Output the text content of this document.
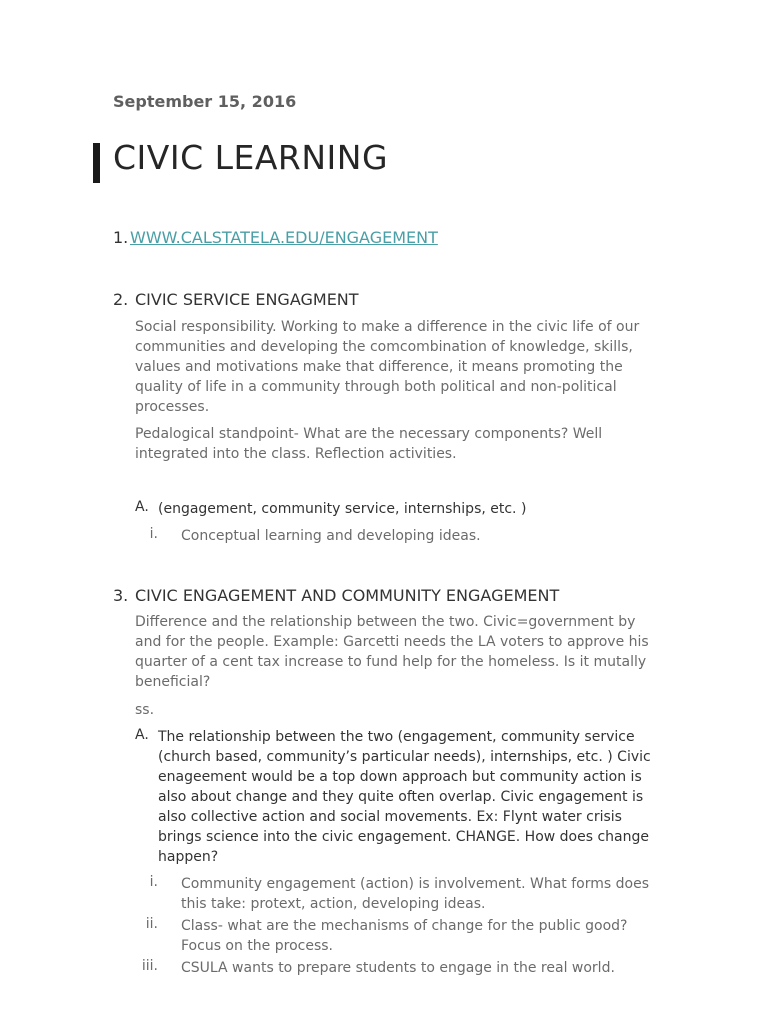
September 15, 2016
CIVIC LEARNING
1. WWW.CALSTATELA.EDU/ENGAGEMENT
2. CIVIC SERVICE ENGAGMENT

Social responsibility. Working to make a difference in the civic life of our communities and developing the comcombination of knowledge, skills, values and motivations make that difference, it means promoting the quality of life in a community through both political and non-political processes.

Pedalogical standpoint- What are the necessary components? Well integrated into the class. Reflection activities.

A. (engagement, community service, internships, etc. )

i. Conceptual learning and developing ideas.

3. CIVIC ENGAGEMENT AND COMMUNITY ENGAGEMENT

Difference and the relationship between the two. Civic=government by and for the people. Example: Garcetti needs the LA voters to approve his quarter of a cent tax increase to fund help for the homeless. Is it mutally beneficial?

ss.

A. The relationship between the two (engagement, community service (church based, community’s particular needs), internships, etc. ) Civic enageement would be a top down approach but community action is also about change and they quite often overlap. Civic engagement is also collective action and social movements. Ex: Flynt water crisis brings science into the civic engagement. CHANGE. How does change happen?

i. Community engagement (action) is involvement. What forms does this take: protext, action, developing ideas.

ii. Class- what are the mechanisms of change for the public good? Focus on the process.

iii. CSULA wants to prepare students to engage in the real world.
